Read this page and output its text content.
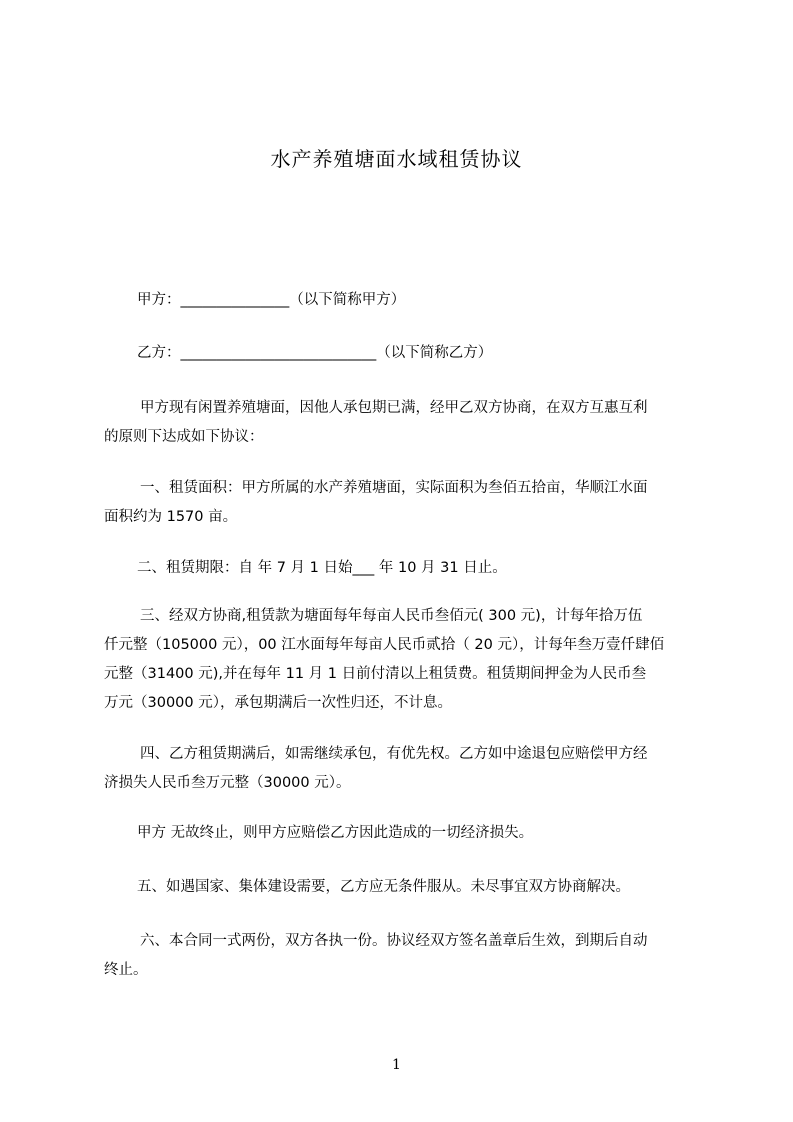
水产养殖塘面水域租赁协议

甲方：_______________（以下简称甲方）

乙方：___________________________（以下简称乙方）

甲方现有闲置养殖塘面，因他人承包期已满，经甲乙双方协商，在双方互惠互利
的原则下达成如下协议：

一、租赁面积：甲方所属的水产养殖塘面，实际面积为叁佰五拾亩，华顺江水面
面积约为 1570 亩。

二、租赁期限：自 年 7 月 1 日始___ 年 10 月 31 日止。

三、经双方协商,租赁款为塘面每年每亩人民币叁佰元( 300 元)，计每年拾万伍
仟元整（105000 元），00 江水面每年每亩人民币贰拾（ 20 元），计每年叁万壹仟肆佰
元整（31400 元),并在每年 11 月 1 日前付清以上租赁费。租赁期间押金为人民币叁
万元（30000 元），承包期满后一次性归还，不计息。

四、乙方租赁期满后，如需继续承包，有优先权。乙方如中途退包应赔偿甲方经
济损失人民币叁万元整（30000 元）。

甲方 无故终止，则甲方应赔偿乙方因此造成的一切经济损失。

五、如遇国家、集体建设需要，乙方应无条件服从。未尽事宜双方协商解决。

六、本合同一式两份，双方各执一份。协议经双方签名盖章后生效，到期后自动
终止。

1
